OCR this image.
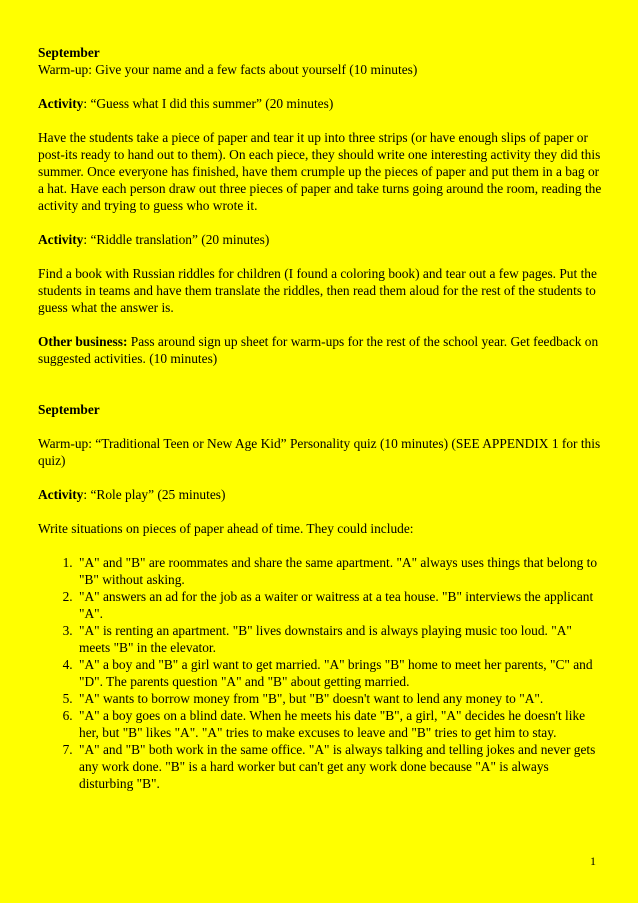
September

Warm-up: Give your name and a few facts about yourself (10 minutes)

Activity: “Guess what I did this summer” (20 minutes)

Have the students take a piece of paper and tear it up into three strips (or have enough slips of paper or post-its ready to hand out to them). On each piece, they should write one interesting activity they did this summer. Once everyone has finished, have them crumple up the pieces of paper and put them in a bag or a hat. Have each person draw out three pieces of paper and take turns going around the room, reading the activity and trying to guess who wrote it.

Activity: “Riddle translation” (20 minutes)

Find a book with Russian riddles for children (I found a coloring book) and tear out a few pages. Put the students in teams and have them translate the riddles, then read them aloud for the rest of the students to guess what the answer is.

Other business: Pass around sign up sheet for warm-ups for the rest of the school year. Get feedback on suggested activities. (10 minutes)

September

Warm-up: “Traditional Teen or New Age Kid” Personality quiz (10 minutes) (SEE APPENDIX 1 for this quiz)

Activity: “Role play” (25 minutes)

Write situations on pieces of paper ahead of time. They could include:

1. "A" and "B" are roommates and share the same apartment. "A" always uses things that belong to "B" without asking.
2. "A" answers an ad for the job as a waiter or waitress at a tea house. "B" interviews the applicant "A".
3. "A" is renting an apartment. "B" lives downstairs and is always playing music too loud. "A" meets "B" in the elevator.
4. "A" a boy and "B" a girl want to get married. "A" brings "B" home to meet her parents, "C" and "D". The parents question "A" and "B" about getting married.
5. "A" wants to borrow money from "B", but "B" doesn't want to lend any money to "A".
6. "A" a boy goes on a blind date. When he meets his date "B", a girl, "A" decides he doesn't like her, but "B" likes "A". "A" tries to make excuses to leave and "B" tries to get him to stay.
7. "A" and "B" both work in the same office. "A" is always talking and telling jokes and never gets any work done. "B" is a hard worker but can't get any work done because "A" is always disturbing "B".
1
